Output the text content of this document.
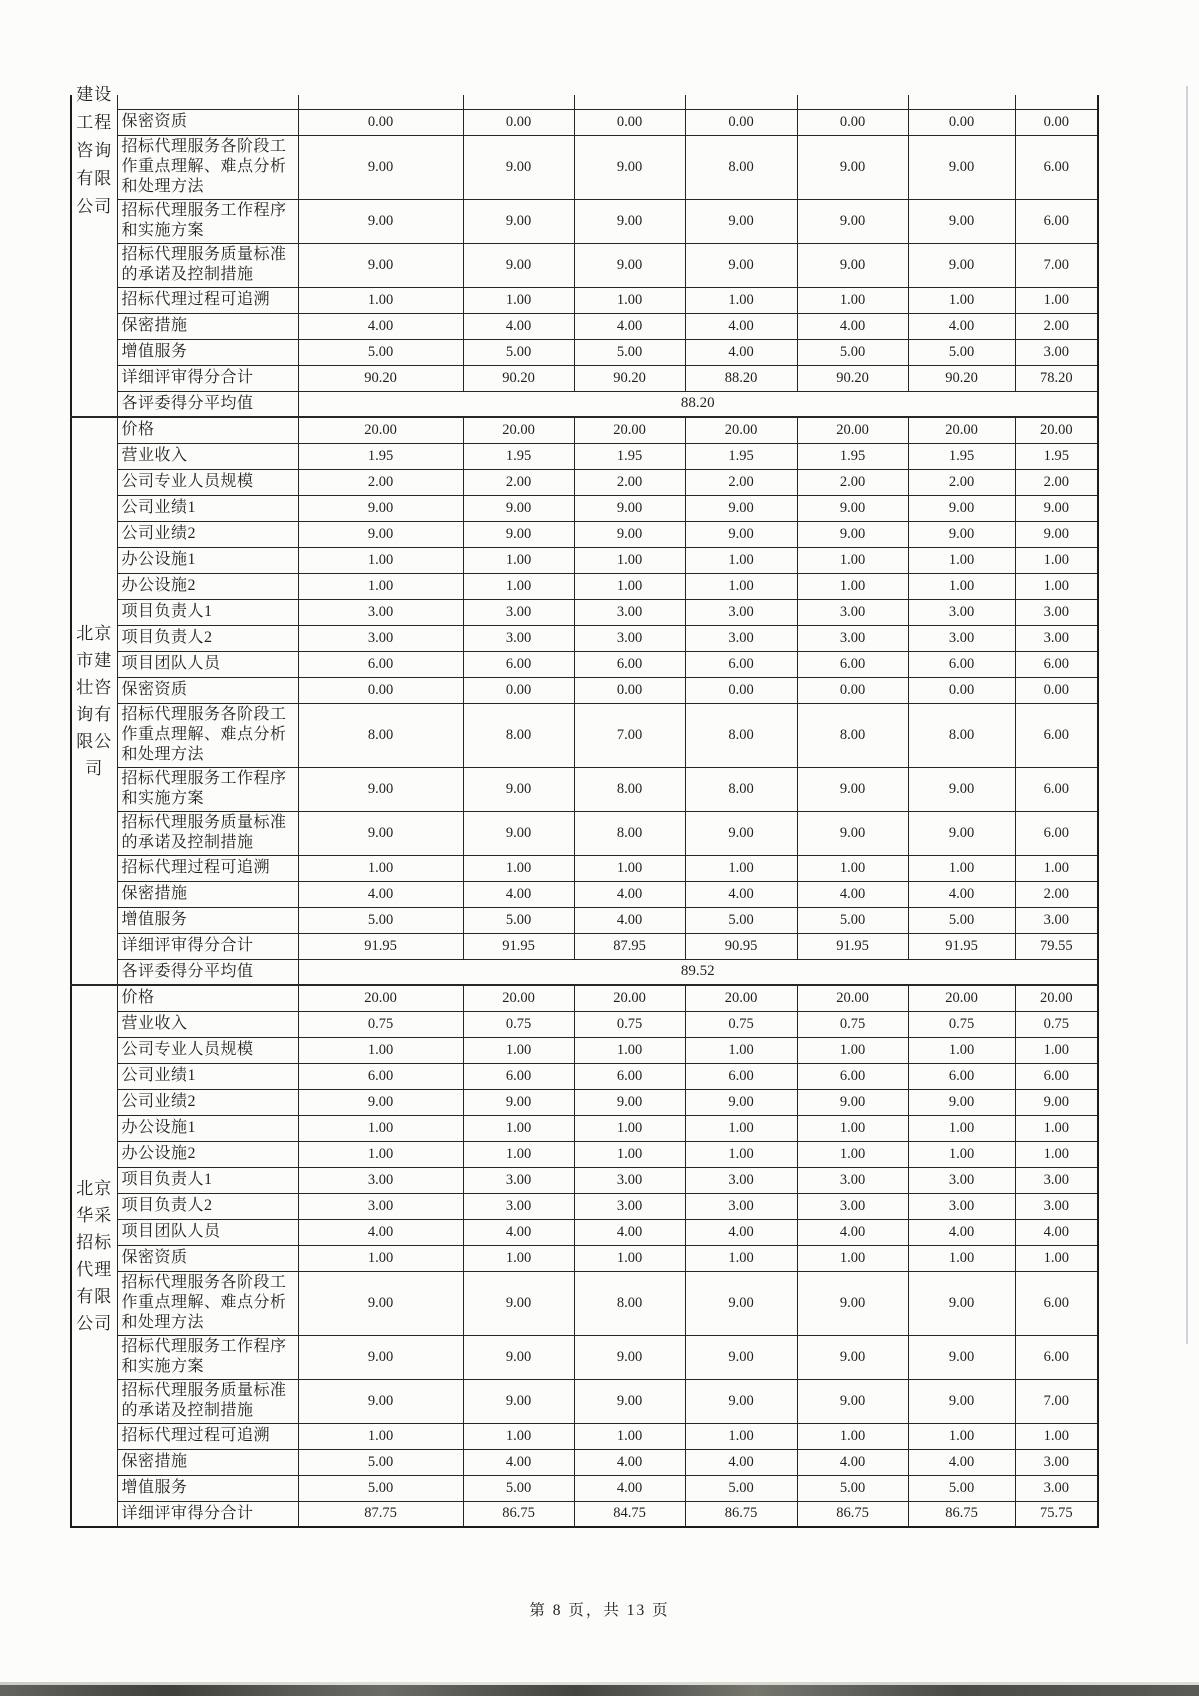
建设
工程
咨询
有限
公司								

	保密资质	0.00	0.00	0.00	0.00	0.00	0.00	0.00
	招标代理服务各阶段工作重点理解、难点分析和处理方法	9.00	9.00	9.00	8.00	9.00	9.00	6.00
	招标代理服务工作程序和实施方案	9.00	9.00	9.00	9.00	9.00	9.00	6.00
	招标代理服务质量标准的承诺及控制措施	9.00	9.00	9.00	9.00	9.00	9.00	7.00
	招标代理过程可追溯	1.00	1.00	1.00	1.00	1.00	1.00	1.00
	保密措施	4.00	4.00	4.00	4.00	4.00	4.00	2.00
	增值服务	5.00	5.00	5.00	4.00	5.00	5.00	3.00
	详细评审得分合计	90.20	90.20	90.20	88.20	90.20	90.20	78.20
	各评委得分平均值	88.20						

北京
市建
壮咨
询有
限公
司
	价格	20.00	20.00	20.00	20.00	20.00	20.00	20.00
	营业收入	1.95	1.95	1.95	1.95	1.95	1.95	1.95
	公司专业人员规模	2.00	2.00	2.00	2.00	2.00	2.00	2.00
	公司业绩1	9.00	9.00	9.00	9.00	9.00	9.00	9.00
	公司业绩2	9.00	9.00	9.00	9.00	9.00	9.00	9.00
	办公设施1	1.00	1.00	1.00	1.00	1.00	1.00	1.00
	办公设施2	1.00	1.00	1.00	1.00	1.00	1.00	1.00
	项目负责人1	3.00	3.00	3.00	3.00	3.00	3.00	3.00
	项目负责人2	3.00	3.00	3.00	3.00	3.00	3.00	3.00
	项目团队人员	6.00	6.00	6.00	6.00	6.00	6.00	6.00
	保密资质	0.00	0.00	0.00	0.00	0.00	0.00	0.00
	招标代理服务各阶段工作重点理解、难点分析和处理方法	8.00	8.00	7.00	8.00	8.00	8.00	6.00
	招标代理服务工作程序和实施方案	9.00	9.00	8.00	8.00	9.00	9.00	6.00
	招标代理服务质量标准的承诺及控制措施	9.00	9.00	8.00	9.00	9.00	9.00	6.00
	招标代理过程可追溯	1.00	1.00	1.00	1.00	1.00	1.00	1.00
	保密措施	4.00	4.00	4.00	4.00	4.00	4.00	2.00
	增值服务	5.00	5.00	4.00	5.00	5.00	5.00	3.00
	详细评审得分合计	91.95	91.95	87.95	90.95	91.95	91.95	79.55
	各评委得分平均值	89.52						

北京
华采
招标
代理
有限
公司
	价格	20.00	20.00	20.00	20.00	20.00	20.00	20.00
	营业收入	0.75	0.75	0.75	0.75	0.75	0.75	0.75
	公司专业人员规模	1.00	1.00	1.00	1.00	1.00	1.00	1.00
	公司业绩1	6.00	6.00	6.00	6.00	6.00	6.00	6.00
	公司业绩2	9.00	9.00	9.00	9.00	9.00	9.00	9.00
	办公设施1	1.00	1.00	1.00	1.00	1.00	1.00	1.00
	办公设施2	1.00	1.00	1.00	1.00	1.00	1.00	1.00
	项目负责人1	3.00	3.00	3.00	3.00	3.00	3.00	3.00
	项目负责人2	3.00	3.00	3.00	3.00	3.00	3.00	3.00
	项目团队人员	4.00	4.00	4.00	4.00	4.00	4.00	4.00
	保密资质	1.00	1.00	1.00	1.00	1.00	1.00	1.00
	招标代理服务各阶段工作重点理解、难点分析和处理方法	9.00	9.00	8.00	9.00	9.00	9.00	6.00
	招标代理服务工作程序和实施方案	9.00	9.00	9.00	9.00	9.00	9.00	6.00
	招标代理服务质量标准的承诺及控制措施	9.00	9.00	9.00	9.00	9.00	9.00	7.00
	招标代理过程可追溯	1.00	1.00	1.00	1.00	1.00	1.00	1.00
	保密措施	5.00	4.00	4.00	4.00	4.00	4.00	3.00
	增值服务	5.00	5.00	4.00	5.00	5.00	5.00	3.00
	详细评审得分合计	87.75	86.75	84.75	86.75	86.75	86.75	75.75
第 8 页，共 13 页
